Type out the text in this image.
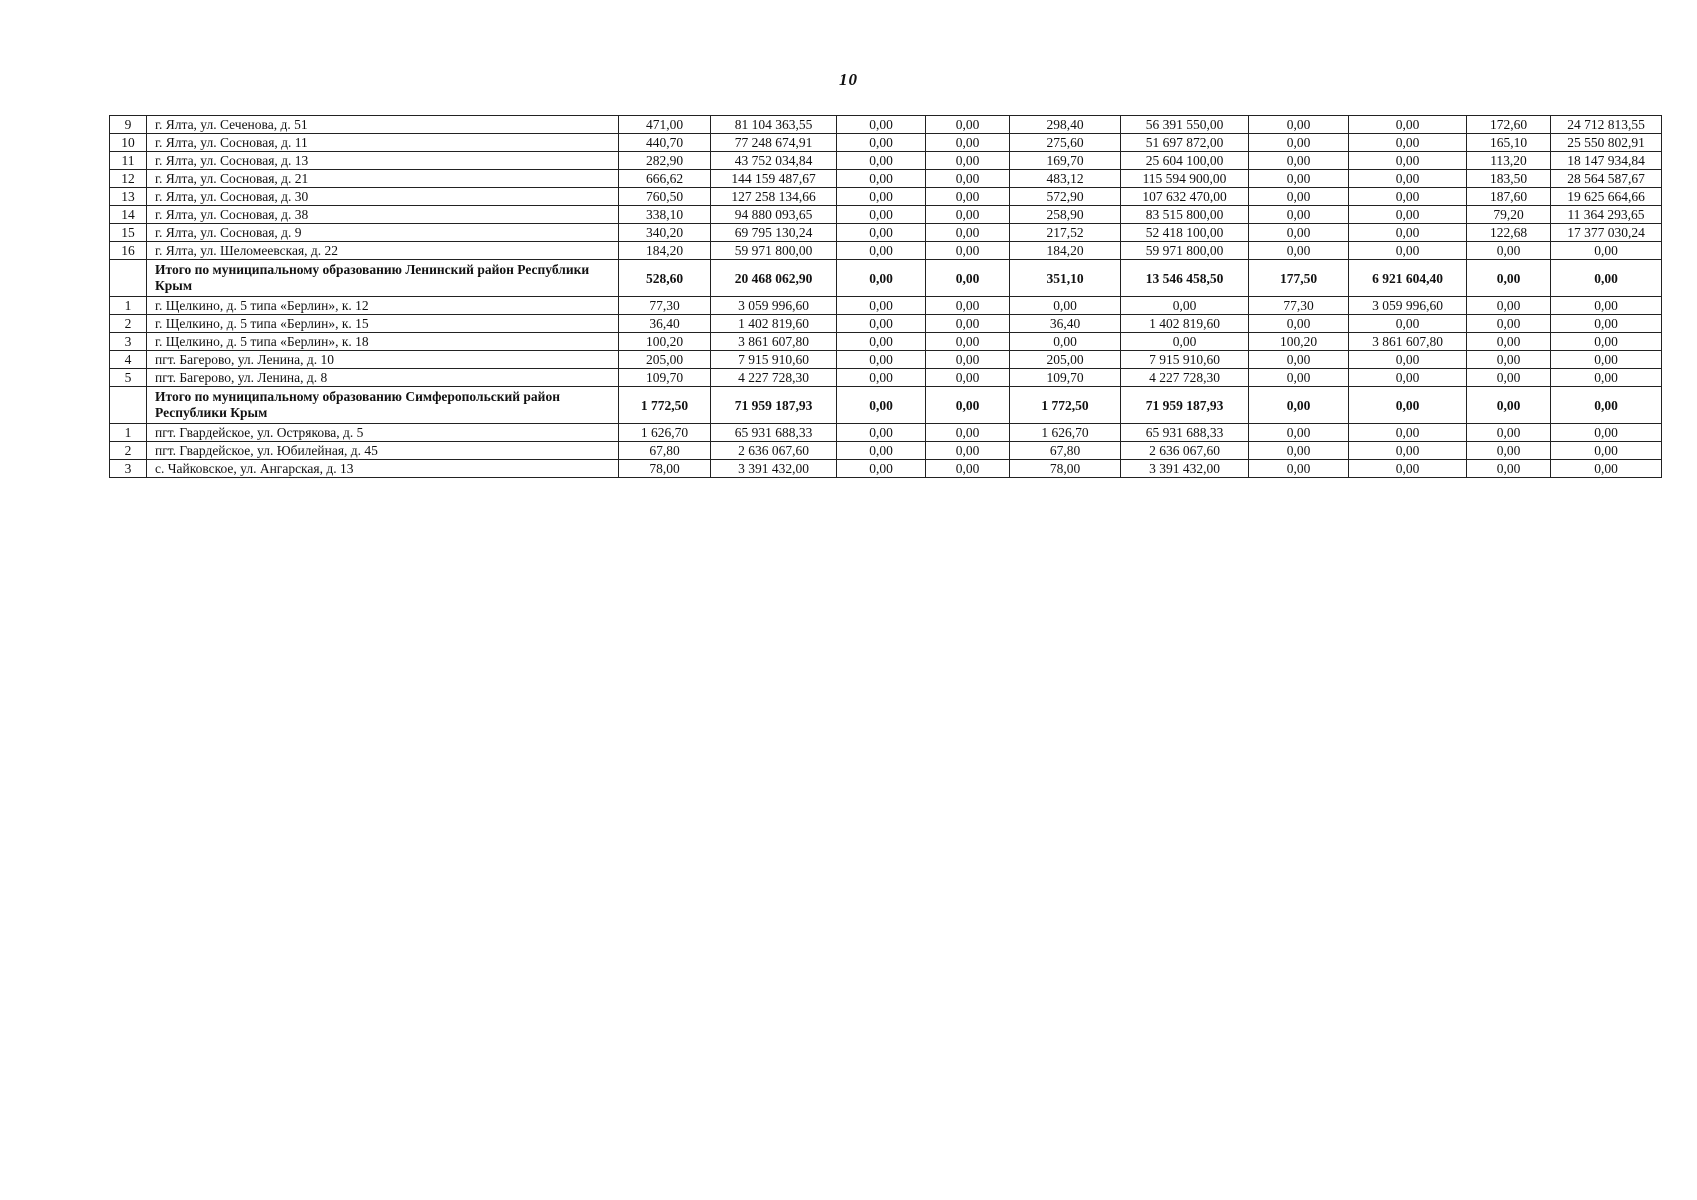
10
9	г. Ялта, ул. Сеченова, д. 51	471,00	81 104 363,55	0,00	0,00	298,40	56 391 550,00	0,00	0,00	172,60	24 712 813,55
10	г. Ялта, ул. Сосновая, д. 11	440,70	77 248 674,91	0,00	0,00	275,60	51 697 872,00	0,00	0,00	165,10	25 550 802,91
11	г. Ялта, ул. Сосновая, д. 13	282,90	43 752 034,84	0,00	0,00	169,70	25 604 100,00	0,00	0,00	113,20	18 147 934,84
12	г. Ялта, ул. Сосновая, д. 21	666,62	144 159 487,67	0,00	0,00	483,12	115 594 900,00	0,00	0,00	183,50	28 564 587,67
13	г. Ялта, ул. Сосновая, д. 30	760,50	127 258 134,66	0,00	0,00	572,90	107 632 470,00	0,00	0,00	187,60	19 625 664,66
14	г. Ялта, ул. Сосновая, д. 38	338,10	94 880 093,65	0,00	0,00	258,90	83 515 800,00	0,00	0,00	79,20	11 364 293,65
15	г. Ялта, ул. Сосновая, д. 9	340,20	69 795 130,24	0,00	0,00	217,52	52 418 100,00	0,00	0,00	122,68	17 377 030,24
16	г. Ялта, ул. Шеломеевская, д. 22	184,20	59 971 800,00	0,00	0,00	184,20	59 971 800,00	0,00	0,00	0,00	0,00
	Итого по муниципальному образованию Ленинский район Республики Крым	528,60	20 468 062,90	0,00	0,00	351,10	13 546 458,50	177,50	6 921 604,40	0,00	0,00
1	г. Щелкино, д. 5 типа «Берлин», к. 12	77,30	3 059 996,60	0,00	0,00	0,00	0,00	77,30	3 059 996,60	0,00	0,00
2	г. Щелкино, д. 5 типа «Берлин», к. 15	36,40	1 402 819,60	0,00	0,00	36,40	1 402 819,60	0,00	0,00	0,00	0,00
3	г. Щелкино, д. 5 типа «Берлин», к. 18	100,20	3 861 607,80	0,00	0,00	0,00	0,00	100,20	3 861 607,80	0,00	0,00
4	пгт. Багерово, ул. Ленина, д. 10	205,00	7 915 910,60	0,00	0,00	205,00	7 915 910,60	0,00	0,00	0,00	0,00
5	пгт. Багерово, ул. Ленина, д. 8	109,70	4 227 728,30	0,00	0,00	109,70	4 227 728,30	0,00	0,00	0,00	0,00
	Итого по муниципальному образованию Симферопольский район Республики Крым	1 772,50	71 959 187,93	0,00	0,00	1 772,50	71 959 187,93	0,00	0,00	0,00	0,00
1	пгт. Гвардейское, ул. Острякова, д. 5	1 626,70	65 931 688,33	0,00	0,00	1 626,70	65 931 688,33	0,00	0,00	0,00	0,00
2	пгт. Гвардейское, ул. Юбилейная, д. 45	67,80	2 636 067,60	0,00	0,00	67,80	2 636 067,60	0,00	0,00	0,00	0,00
3	с. Чайковское, ул. Ангарская, д. 13	78,00	3 391 432,00	0,00	0,00	78,00	3 391 432,00	0,00	0,00	0,00	0,00
